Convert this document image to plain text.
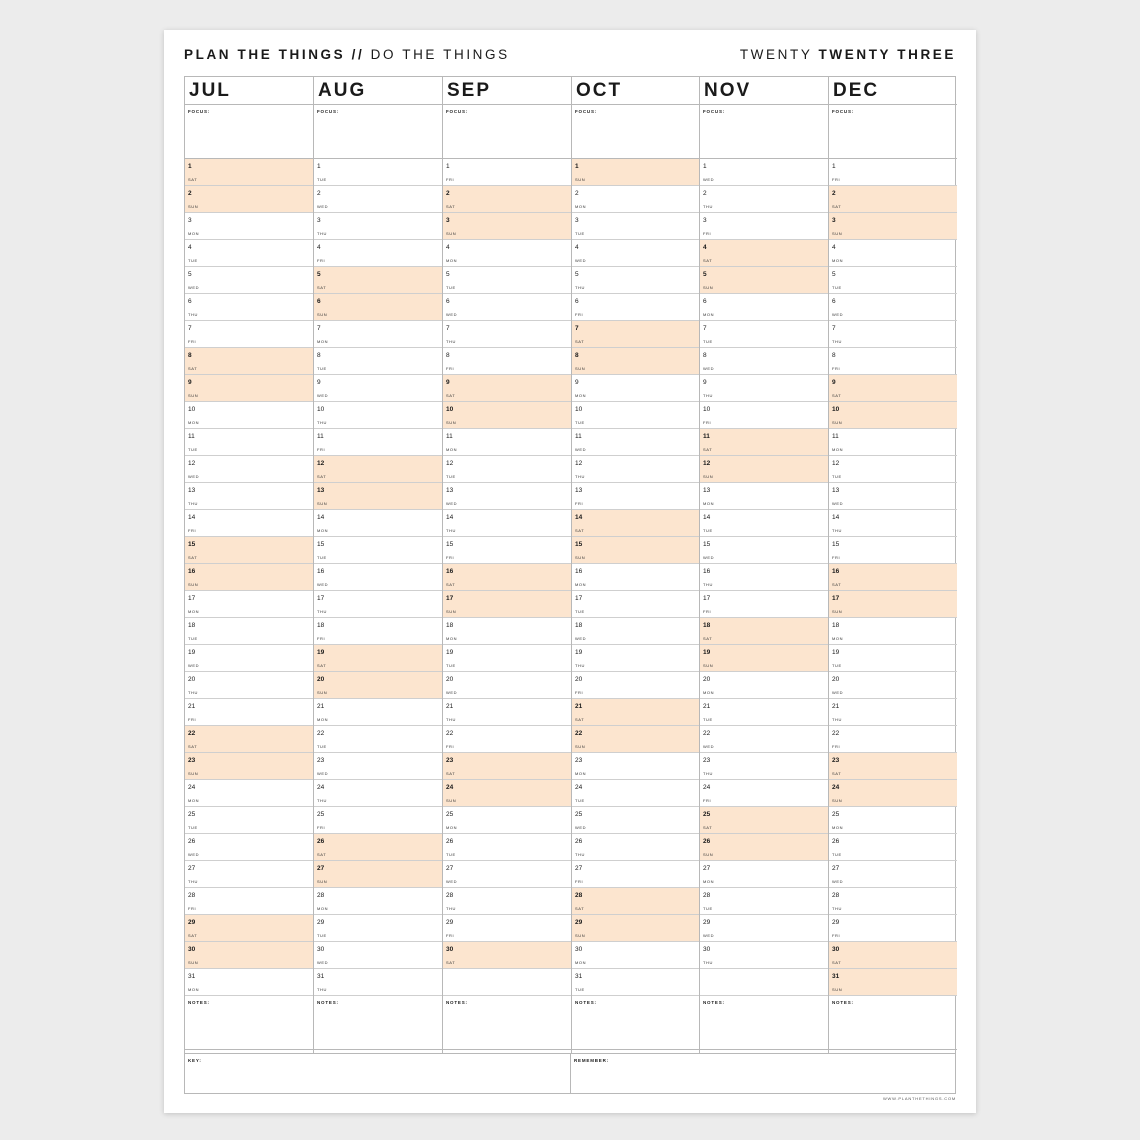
PLAN THE THINGS // DO THE THINGS	TWENTY TWENTY THREE
KEY:	REMEMBER:
JUL
FOCUS:
1
SAT
2
SUN
3
MON
4
TUE
5
WED
6
THU
7
FRI
8
SAT
9
SUN
10
MON
11
TUE
12
WED
13
THU
14
FRI
15
SAT
16
SUN
17
MON
18
TUE
19
WED
20
THU
21
FRI
22
SAT
23
SUN
24
MON
25
TUE
26
WED
27
THU
28
FRI
29
SAT
30
SUN
31
MON
NOTES:
AUG
FOCUS:
1
TUE
2
WED
3
THU
4
FRI
5
SAT
6
SUN
7
MON
8
TUE
9
WED
10
THU
11
FRI
12
SAT
13
SUN
14
MON
15
TUE
16
WED
17
THU
18
FRI
19
SAT
20
SUN
21
MON
22
TUE
23
WED
24
THU
25
FRI
26
SAT
27
SUN
28
MON
29
TUE
30
WED
31
THU
NOTES:
SEP
FOCUS:
1
FRI
2
SAT
3
SUN
4
MON
5
TUE
6
WED
7
THU
8
FRI
9
SAT
10
SUN
11
MON
12
TUE
13
WED
14
THU
15
FRI
16
SAT
17
SUN
18
MON
19
TUE
20
WED
21
THU
22
FRI
23
SAT
24
SUN
25
MON
26
TUE
27
WED
28
THU
29
FRI
30
SAT
NOTES:
OCT
FOCUS:
1
SUN
2
MON
3
TUE
4
WED
5
THU
6
FRI
7
SAT
8
SUN
9
MON
10
TUE
11
WED
12
THU
13
FRI
14
SAT
15
SUN
16
MON
17
TUE
18
WED
19
THU
20
FRI
21
SAT
22
SUN
23
MON
24
TUE
25
WED
26
THU
27
FRI
28
SAT
29
SUN
30
MON
31
TUE
NOTES:
NOV
FOCUS:
1
WED
2
THU
3
FRI
4
SAT
5
SUN
6
MON
7
TUE
8
WED
9
THU
10
FRI
11
SAT
12
SUN
13
MON
14
TUE
15
WED
16
THU
17
FRI
18
SAT
19
SUN
20
MON
21
TUE
22
WED
23
THU
24
FRI
25
SAT
26
SUN
27
MON
28
TUE
29
WED
30
THU
NOTES:
DEC
FOCUS:
1
FRI
2
SAT
3
SUN
4
MON
5
TUE
6
WED
7
THU
8
FRI
9
SAT
10
SUN
11
MON
12
TUE
13
WED
14
THU
15
FRI
16
SAT
17
SUN
18
MON
19
TUE
20
WED
21
THU
22
FRI
23
SAT
24
SUN
25
MON
26
TUE
27
WED
28
THU
29
FRI
30
SAT
31
SUN
NOTES:
WWW.PLANTHETHINGS.COM
